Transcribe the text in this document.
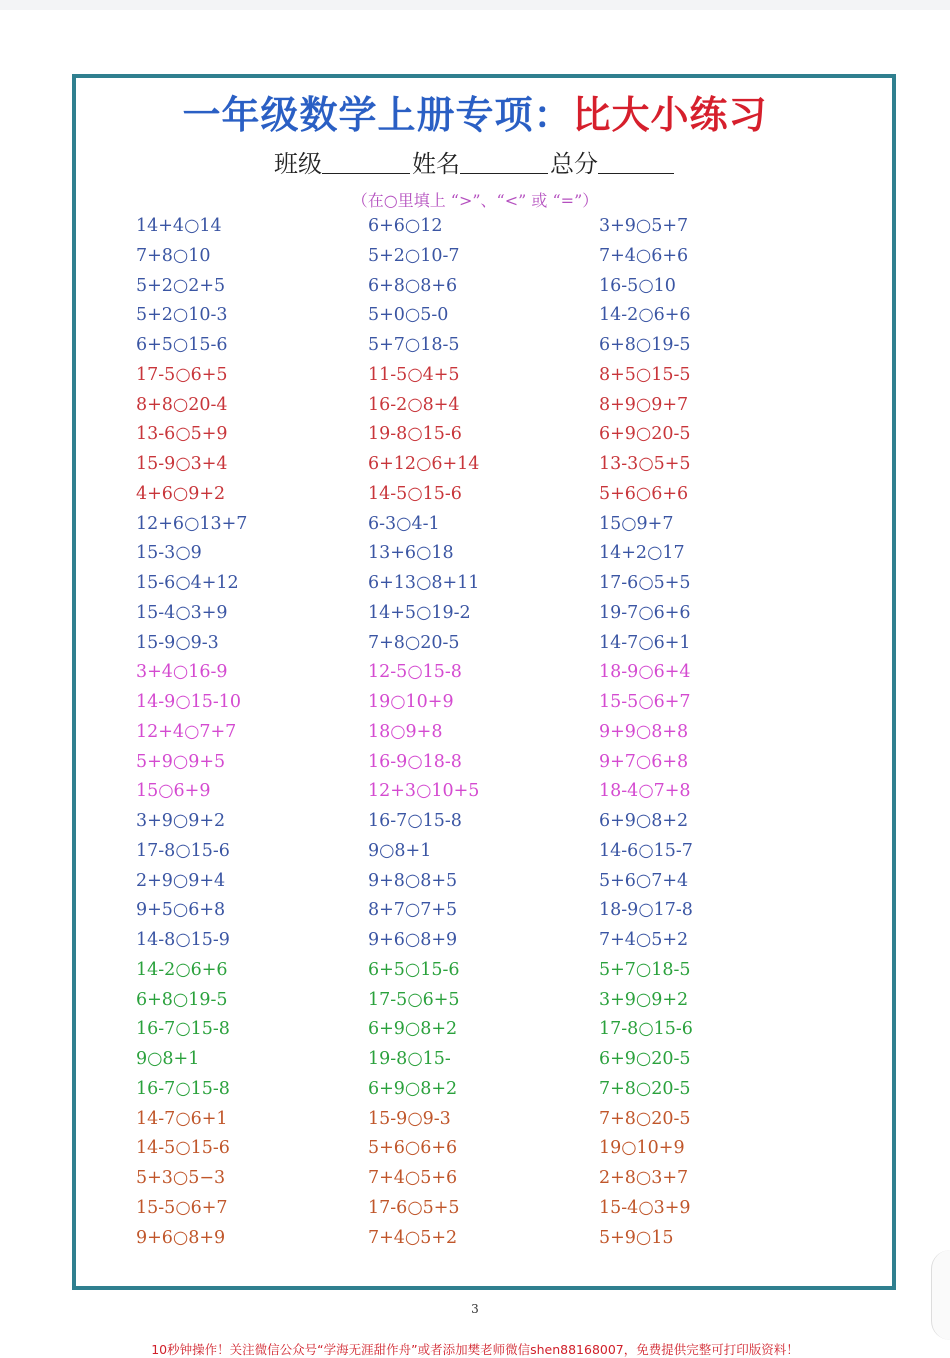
一年级数学上册专项：比大小练习
班级	姓名	总分
（在○里填上 “>”、“<” 或 “=”）
14+4○14
7+8○10
5+2○2+5
5+2○10-3
6+5○15-6
17-5○6+5
8+8○20-4
13-6○5+9
15-9○3+4
4+6○9+2
12+6○13+7
15-3○9
15-6○4+12
15-4○3+9
15-9○9-3
3+4○16-9
14-9○15-10
12+4○7+7
5+9○9+5
15○6+9
3+9○9+2
17-8○15-6
2+9○9+4
9+5○6+8
14-8○15-9
14-2○6+6
6+8○19-5
16-7○15-8
9○8+1
16-7○15-8
14-7○6+1
14-5○15-6
5+3○5−3
15-5○6+7
9+6○8+9
6+6○12
5+2○10-7
6+8○8+6
5+0○5-0
5+7○18-5
11-5○4+5
16-2○8+4
19-8○15-6
6+12○6+14
14-5○15-6
6-3○4-1
13+6○18
6+13○8+11
14+5○19-2
7+8○20-5
12-5○15-8
19○10+9
18○9+8
16-9○18-8
12+3○10+5
16-7○15-8
9○8+1
9+8○8+5
8+7○7+5
9+6○8+9
6+5○15-6
17-5○6+5
6+9○8+2
19-8○15-
6+9○8+2
15-9○9-3
5+6○6+6
7+4○5+6
17-6○5+5
7+4○5+2
3+9○5+7
7+4○6+6
16-5○10
14-2○6+6
6+8○19-5
8+5○15-5
8+9○9+7
6+9○20-5
13-3○5+5
5+6○6+6
15○9+7
14+2○17
17-6○5+5
19-7○6+6
14-7○6+1
18-9○6+4
15-5○6+7
9+9○8+8
9+7○6+8
18-4○7+8
6+9○8+2
14-6○15-7
5+6○7+4
18-9○17-8
7+4○5+2
5+7○18-5
3+9○9+2
17-8○15-6
6+9○20-5
7+8○20-5
7+8○20-5
19○10+9
2+8○3+7
15-4○3+9
5+9○15
3
10秒钟操作！关注微信公众号“学海无涯甜作舟”或者添加樊老师微信shen88168007，免费提供完整可打印版资料！
